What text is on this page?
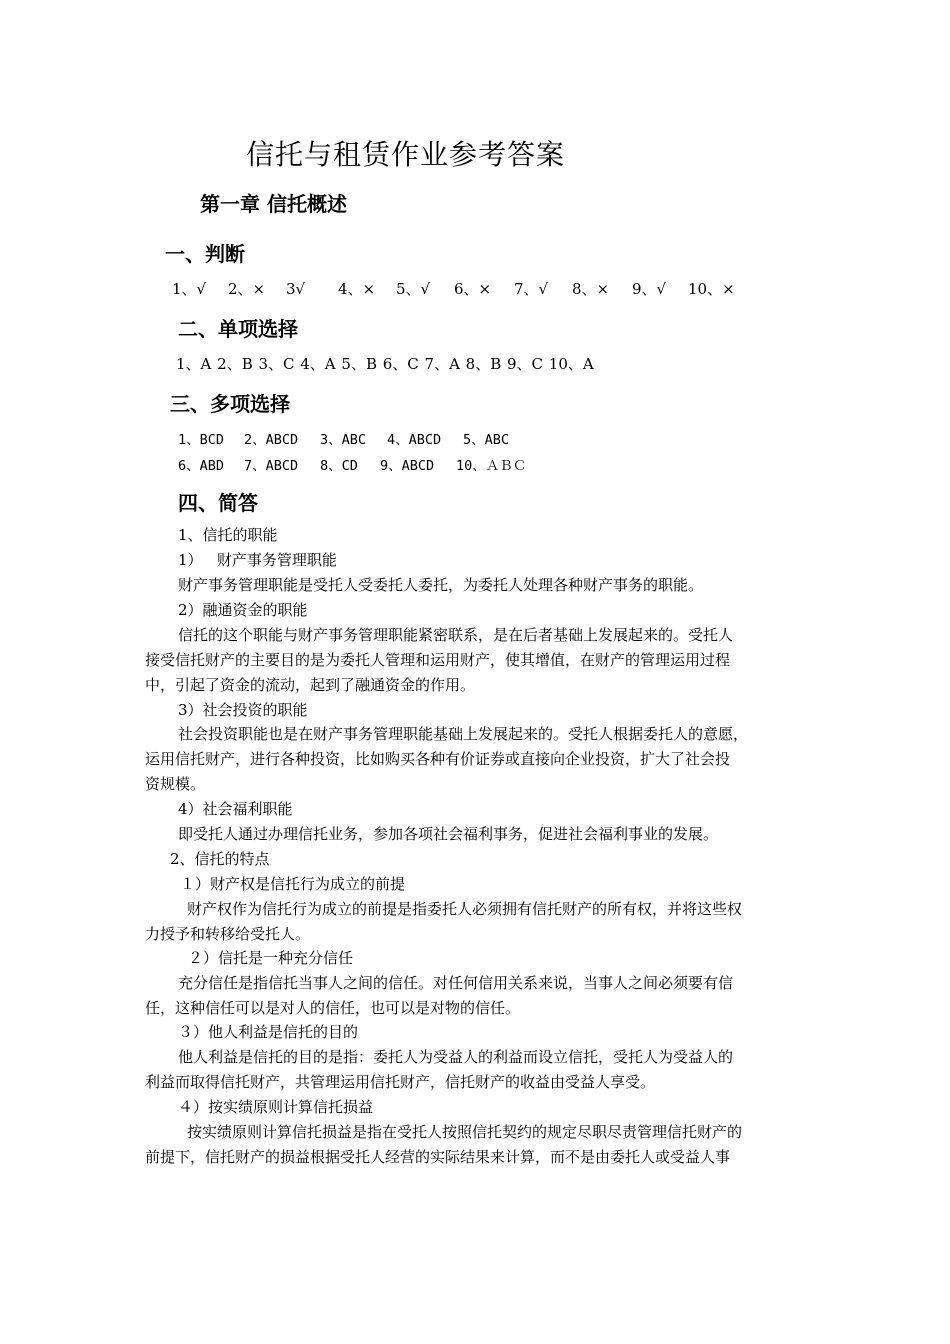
信托与租赁作业参考答案
第一章 信托概述
一、判断
1、√ 2、× 3√ 4、× 5、√ 6、× 7、√ 8、× 9、√ 10、×
二、单项选择
1、A 2、B 3、C 4、A 5、B 6、C 7、A 8、B 9、C 10、A
三、多项选择
1、BCD 2、ABCD 3、ABC 4、ABCD 5、ABC
6、ABD 7、ABCD 8、CD 9、ABCD 10、ＡＢＣ
四、简答
1、信托的职能
1）   财产事务管理职能
财产事务管理职能是受托人受委托人委托，为委托人处理各种财产事务的职能。
2）融通资金的职能
信托的这个职能与财产事务管理职能紧密联系，是在后者基础上发展起来的。受托人
接受信托财产的主要目的是为委托人管理和运用财产，使其增值，在财产的管理运用过程
中，引起了资金的流动，起到了融通资金的作用。
3）社会投资的职能
社会投资职能也是在财产事务管理职能基础上发展起来的。受托人根据委托人的意愿，
运用信托财产，进行各种投资，比如购买各种有价证券或直接向企业投资，扩大了社会投
资规模。
4）社会福利职能
即受托人通过办理信托业务，参加各项社会福利事务，促进社会福利事业的发展。
2、信托的特点
１）财产权是信托行为成立的前提
财产权作为信托行为成立的前提是指委托人必须拥有信托财产的所有权，并将这些权
力授予和转移给受托人。
２）信托是一种充分信任
充分信任是指信托当事人之间的信任。对任何信用关系来说，当事人之间必须要有信
任，这种信任可以是对人的信任，也可以是对物的信任。
３）他人利益是信托的目的
他人利益是信托的目的是指：委托人为受益人的利益而设立信托，受托人为受益人的
利益而取得信托财产，共管理运用信托财产，信托财产的收益由受益人享受。
４）按实绩原则计算信托损益
按实绩原则计算信托损益是指在受托人按照信托契约的规定尽职尽责管理信托财产的
前提下，信托财产的损益根据受托人经营的实际结果来计算，而不是由委托人或受益人事
